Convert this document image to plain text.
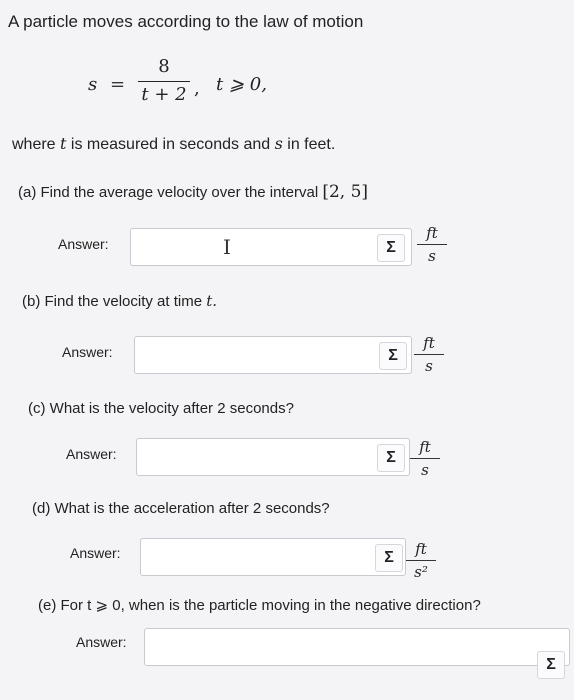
A particle moves according to the law of motion
s =
8
t + 2 , t ⩾ 0,
where t is measured in seconds and s in feet.
(a) Find the average velocity over the interval [2, 5]
Answer:	I	Σ
ft
s
(b) Find the velocity at time t.
Answer:	Σ
ft
s
(c) What is the velocity after 2 seconds?
Answer:	Σ
ft
s
(d) What is the acceleration after 2 seconds?
Answer:	Σ	ft
s²
(e) For t ⩾ 0, when is the particle moving in the negative direction?
Answer:
Σ
